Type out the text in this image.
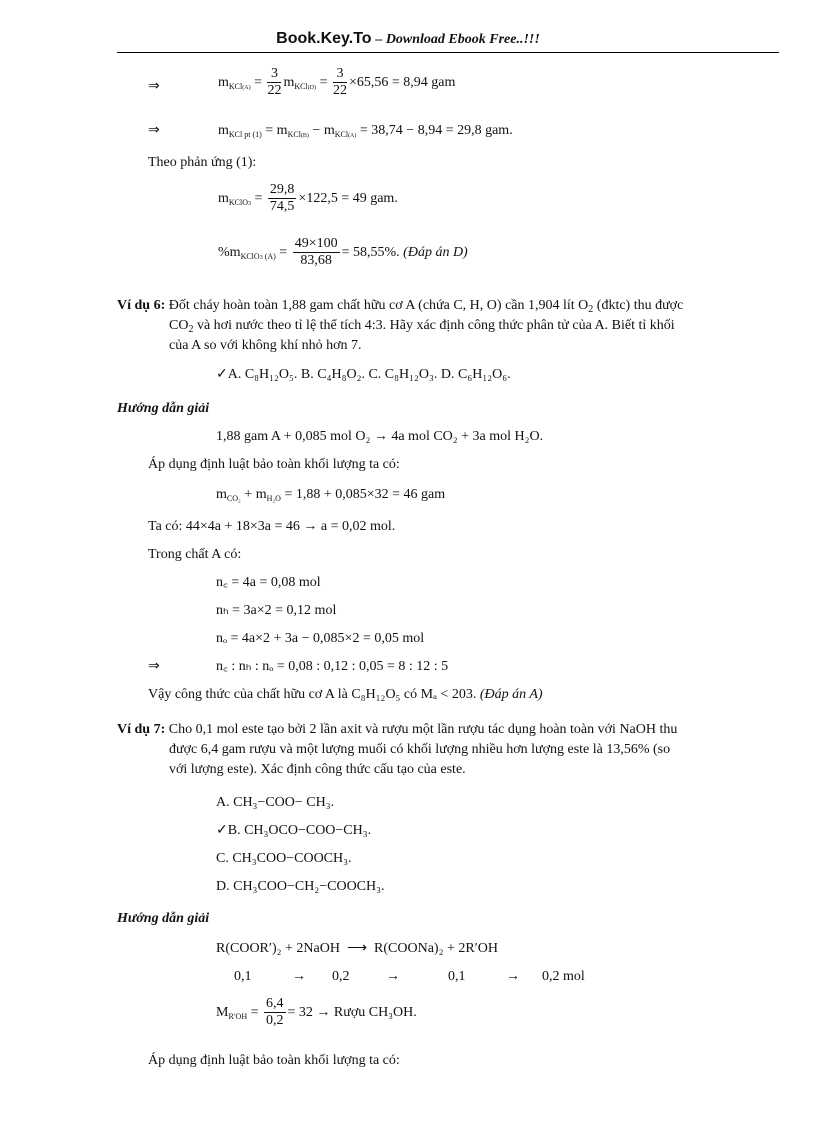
Book.Key.To – Download Ebook Free..!!!
⇒	$m_{KCl(A)} = \frac{3}{22} m_{KCl(D)} = \frac{3}{22} \times 65,56 = 8,94$ gam
⇒	$m_{KCl pt (1)} = m_{KCl(B)} - m_{KCl(A)} = 38,74 - 8,94 = 29,8$ gam.
Theo phản ứng (1):
$m_{KClO3} = \frac{29,8}{74,5} \times 122,5 = 49$ gam.
$\%m_{KClO3 (A)} = \frac{49\times 100}{83,68} = 58,55\%$. (Đáp án D)
Ví dụ 6: Đốt cháy hoàn toàn 1,88 gam chất hữu cơ A (chứa C, H, O) cần 1,904 lít $O_2$ (đktc) thu được
$CO_2$ và hơi nước theo tỉ lệ thể tích 4:3. Hãy xác định công thức phân tử của A. Biết tỉ khối
của A so với không khí nhỏ hơn 7.
✓A. C₈H₁₂O₅. B. C₄H₈O₂. C. C₈H₁₂O₃. D. C₆H₁₂O₆.
Hướng dẫn giải
1,88 gam A + 0,085 mol O₂ → 4a mol CO₂ + 3a mol H₂O.
Áp dụng định luật bảo toàn khối lượng ta có:
$m_{CO_2} + m_{H_2O} = 1,88 + 0,085\times 32 = 46$ gam
Ta có: 44×4a + 18×3a = 46 → a = 0,02 mol.
Trong chất A có:
n꜀ = 4a = 0,08 mol
nₕ = 3a×2 = 0,12 mol
nₒ = 4a×2 + 3a − 0,085×2 = 0,05 mol
⇒	n꜀ : nₕ : nₒ = 0,08 : 0,12 : 0,05 = 8 : 12 : 5
Vậy công thức của chất hữu cơ A là C₈H₁₂O₅ có Mₐ < 203. (Đáp án A)
Ví dụ 7: Cho 0,1 mol este tạo bởi 2 lần axit và rượu một lần rượu tác dụng hoàn toàn với NaOH thu
được 6,4 gam rượu và một lượng muối có khối lượng nhiều hơn lượng este là 13,56% (so
với lượng este). Xác định công thức cấu tạo của este.
A. CH₃−COO− CH₃.
✓B. CH₃OCO−COO−CH₃.
C. CH₃COO−COOCH₃.
D. CH₃COO−CH₂−COOCH₃.
Hướng dẫn giải
R(COOR′)₂ + 2NaOH ⟶ R(COONa)₂ + 2R′OH
0,1	→ 0,2	→	0,1	→ 0,2 mol
$M_{R'OH} = \frac{6,4}{0,2} = 32$ → Rượu CH₃OH.
Áp dụng định luật bảo toàn khối lượng ta có:
